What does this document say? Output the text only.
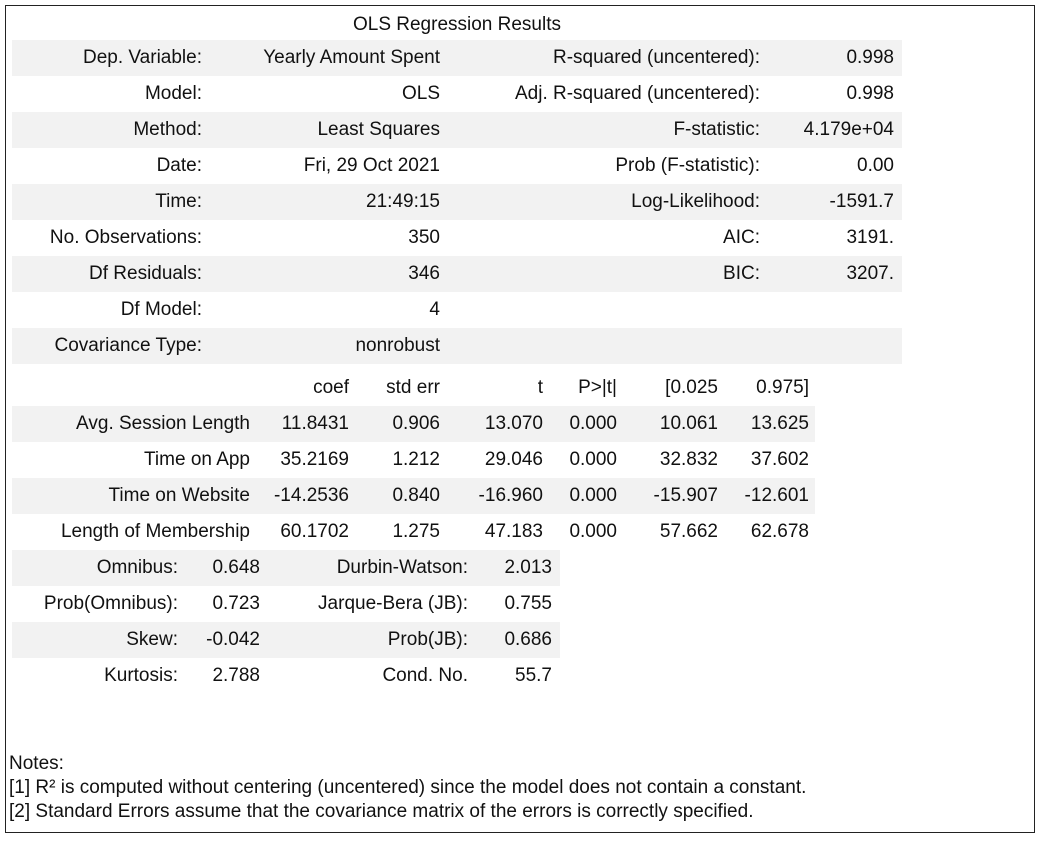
OLS Regression Results
Dep. Variable:	Yearly Amount Spent	R-squared (uncentered):	0.998
Model:	OLS	Adj. R-squared (uncentered):	0.998
Method:	Least Squares	F-statistic:	4.179e+04
Date:	Fri, 29 Oct 2021	Prob (F-statistic):	0.00
Time:	21:49:15	Log-Likelihood:	-1591.7
No. Observations:	350	AIC:	3191.
Df Residuals:	346	BIC:	3207.
Df Model:	4		
Covariance Type:	nonrobust		
	coef	std err	t	P>|t|	[0.025	0.975]
Avg. Session Length	11.8431	0.906	13.070	0.000	10.061	13.625
Time on App	35.2169	1.212	29.046	0.000	32.832	37.602
Time on Website	-14.2536	0.840	-16.960	0.000	-15.907	-12.601
Length of Membership	60.1702	1.275	47.183	0.000	57.662	62.678
Omnibus:	0.648	Durbin-Watson:	2.013
Prob(Omnibus):	0.723	Jarque-Bera (JB):	0.755
Skew:	-0.042	Prob(JB):	0.686
Kurtosis:	2.788	Cond. No.	55.7
Notes:
[1] R² is computed without centering (uncentered) since the model does not contain a constant.
[2] Standard Errors assume that the covariance matrix of the errors is correctly specified.
